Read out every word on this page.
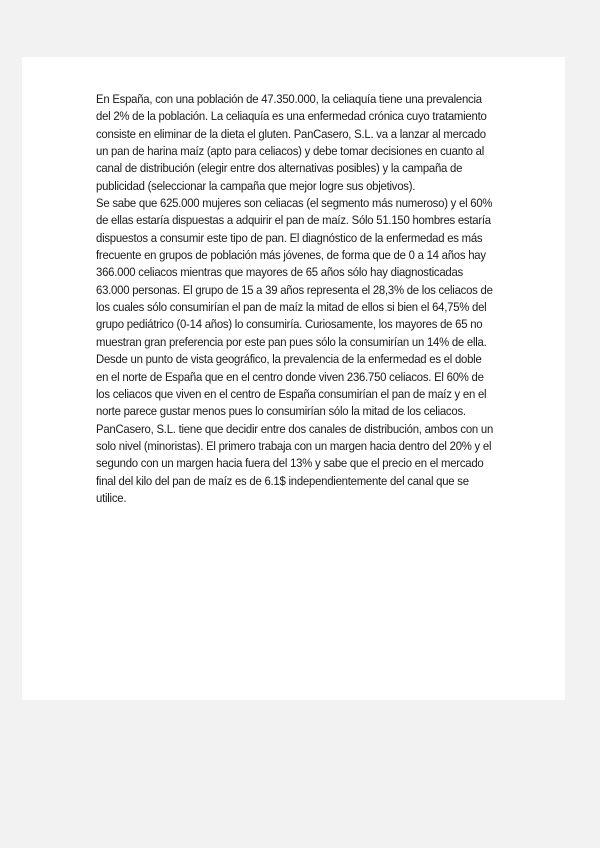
En España, con una población de 47.350.000, la celiaquía tiene una prevalencia del 2% de la población. La celiaquía es una enfermedad crónica cuyo tratamiento consiste en eliminar de la dieta el gluten. PanCasero, S.L. va a lanzar al mercado un pan de harina maíz (apto para celiacos) y debe tomar decisiones en cuanto al canal de distribución (elegir entre dos alternativas posibles) y la campaña de publicidad (seleccionar la campaña que mejor logre sus objetivos).

Se sabe que 625.000 mujeres son celiacas (el segmento más numeroso) y el 60% de ellas estaría dispuestas a adquirir el pan de maíz. Sólo 51.150 hombres estaría dispuestos a consumir este tipo de pan. El diagnóstico de la enfermedad es más frecuente en grupos de población más jóvenes, de forma que de 0 a 14 años hay 366.000 celiacos mientras que mayores de 65 años sólo hay diagnosticadas 63.000 personas. El grupo de 15 a 39 años representa el 28,3% de los celiacos de los cuales sólo consumirían el pan de maíz la mitad de ellos si bien el 64,75% del grupo pediátrico (0-14 años) lo consumiría. Curiosamente, los mayores de 65 no muestran gran preferencia por este pan pues sólo la consumirían un 14% de ella.

Desde un punto de vista geográfico, la prevalencia de la enfermedad es el doble en el norte de España que en el centro donde viven 236.750 celiacos. El 60% de los celiacos que viven en el centro de España consumirían el pan de maíz y en el norte parece gustar menos pues lo consumirían sólo la mitad de los celiacos.

PanCasero, S.L. tiene que decidir entre dos canales de distribución, ambos con un solo nivel (minoristas). El primero trabaja con un margen hacia dentro del 20% y el segundo con un margen hacia fuera del 13% y sabe que el precio en el mercado final del kilo del pan de maíz es de 6.1$ independientemente del canal que se utilice.
